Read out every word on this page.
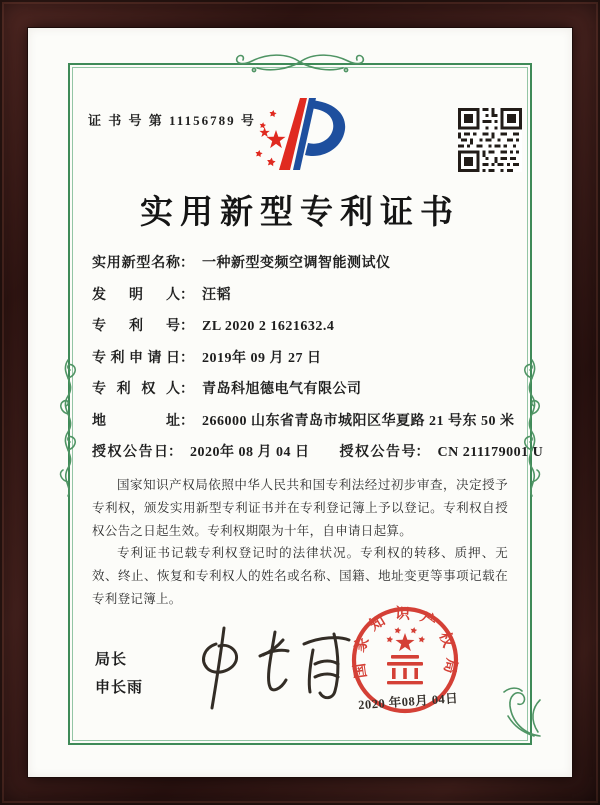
证 书 号 第 11156789 号
实用新型专利证书
实用新型名称 ： 一种新型变频空调智能测试仪
发明人 ： 汪韬
专利号 ： ZL 2020 2 1621632.4
专利申请日 ： 2019年 09 月 27 日
专利权人 ： 青岛科旭德电气有限公司
地址 ： 266000 山东省青岛市城阳区华夏路 21 号东 50 米
授权公告日 ： 2020年 08 月 04 日 授权公告号 ： CN 211179001 U

国家知识产权局依照中华人民共和国专利法经过初步审查，决定授予专利权，颁发实用新型专利证书并在专利登记簿上予以登记。专利权自授权公告之日起生效。专利权期限为十年，自申请日起算。

专利证书记载专利权登记时的法律状况。专利权的转移、质押、无效、终止、恢复和专利权人的姓名或名称、国籍、地址变更等事项记载在专利登记簿上。

局长
申长雨
国家知识产权局
2020 年08月 04日
